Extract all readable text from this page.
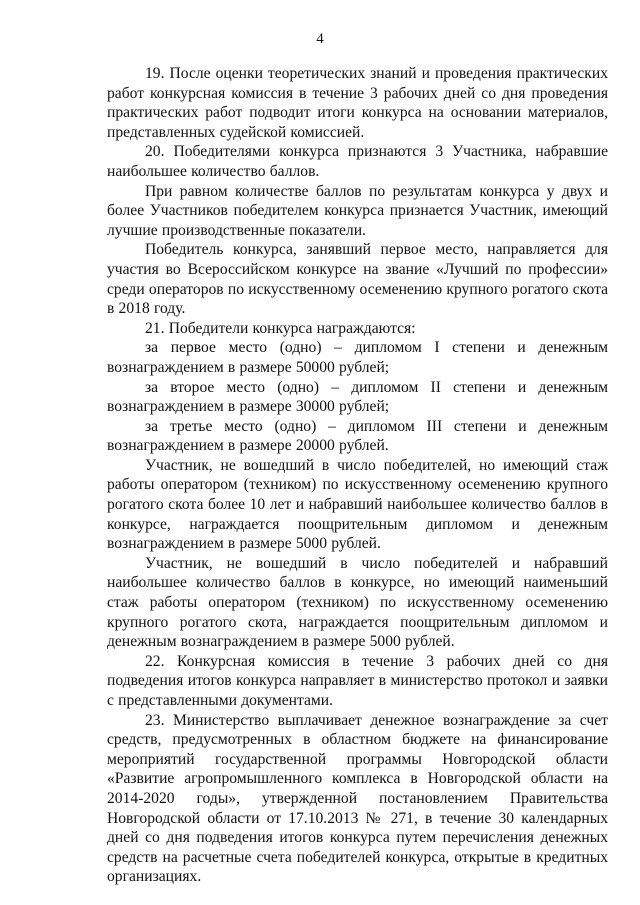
4

19. После оценки теоретических знаний и проведения практических работ конкурсная комиссия в течение 3 рабочих дней со дня проведения практических работ подводит итоги конкурса на основании материалов, представленных судейской комиссией.

20. Победителями конкурса признаются 3 Участника, набравшие наибольшее количество баллов.

При равном количестве баллов по результатам конкурса у двух и более Участников победителем конкурса признается Участник, имеющий лучшие производственные показатели.

Победитель конкурса, занявший первое место, направляется для участия во Всероссийском конкурсе на звание «Лучший по профессии» среди операторов по искусственному осеменению крупного рогатого скота в 2018 году.

21. Победители конкурса награждаются:

за первое место (одно) – дипломом I степени и денежным вознаграждением в размере 50000 рублей;

за второе место (одно) – дипломом II степени и денежным вознаграждением в размере 30000 рублей;

за третье место (одно) – дипломом III степени и денежным вознаграждением в размере 20000 рублей.

Участник, не вошедший в число победителей, но имеющий стаж работы оператором (техником) по искусственному осеменению крупного рогатого скота более 10 лет и набравший наибольшее количество баллов в конкурсе, награждается поощрительным дипломом и денежным вознаграждением в размере 5000 рублей.

Участник, не вошедший в число победителей и набравший наибольшее количество баллов в конкурсе, но имеющий наименьший стаж работы оператором (техником) по искусственному осеменению крупного рогатого скота, награждается поощрительным дипломом и денежным вознаграждением в размере 5000 рублей.

22. Конкурсная комиссия в течение 3 рабочих дней со дня подведения итогов конкурса направляет в министерство протокол и заявки с представленными документами.

23. Министерство выплачивает денежное вознаграждение за счет средств, предусмотренных в областном бюджете на финансирование мероприятий государственной программы Новгородской области «Развитие агропромышленного комплекса в Новгородской области на 2014-2020 годы», утвержденной постановлением Правительства Новгородской области от 17.10.2013 № 271, в течение 30 календарных дней со дня подведения итогов конкурса путем перечисления денежных средств на расчетные счета победителей конкурса, открытые в кредитных организациях.
